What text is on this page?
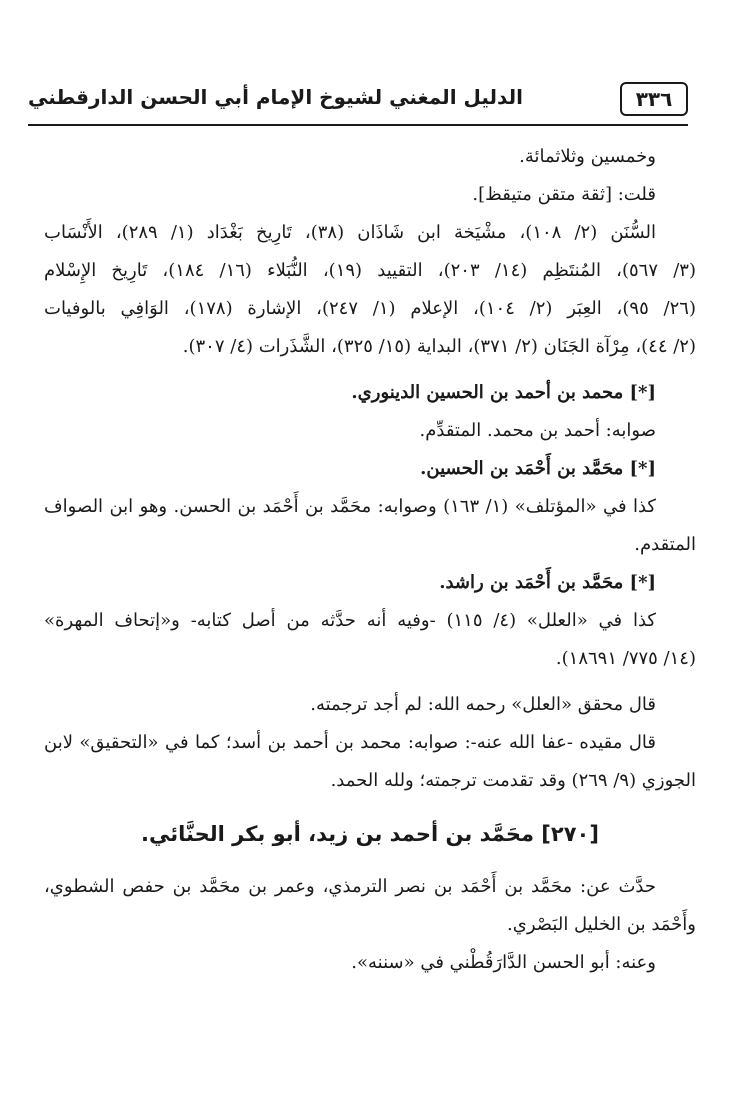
٣٣٦
الدليل المغني لشيوخ الإمام أبي الحسن الدارقطني

وخمسين وثلاثمائة.

قلت: [ثقة متقن متيقظ].

السُّنَن (٢/ ١٠٨)، مشْيَخة ابن شَاذَان (٣٨)، تَارِيخ بَغْدَاد (١/ ٢٨٩)، الأَنْسَاب

(٣/ ٥٦٧)، المُنتَظِم (١٤/ ٢٠٣)، التقييد (١٩)، النُّبَلاء (١٦/ ١٨٤)، تَارِيخ الإِسْلام

(٢٦/ ٩٥)، العِبَر (٢/ ١٠٤)، الإعلام (١/ ٢٤٧)، الإشارة (١٧٨)، الوَافِي بالوفيات

(٢/ ٤٤)، مِرْآة الجَنَان (٢/ ٣٧١)، البداية (١٥/ ٣٢٥)، الشَّذَرات (٤/ ٣٠٧).

[*] محمد بن أحمد بن الحسين الدينوري.

صوابه: أحمد بن محمد. المتقدِّم.

[*] محَمَّد بن أَحْمَد بن الحسين.

كذا في «المؤتلف» (١/ ١٦٣) وصوابه: محَمَّد بن أَحْمَد بن الحسن. وهو ابن الصواف

المتقدم.

[*] محَمَّد بن أَحْمَد بن راشد.

كذا في «العلل» (٤/ ١١٥) -وفيه أنه حدَّثه من أصل كتابه- و«إتحاف المهرة»

(١٤/ ٧٧٥/ ١٨٦٩١).

قال محقق «العلل» رحمه الله: لم أجد ترجمته.

قال مقيده -عفا الله عنه-: صوابه: محمد بن أحمد بن أسد؛ كما في «التحقيق» لابن

الجوزي (٩/ ٢٦٩) وقد تقدمت ترجمته؛ ولله الحمد.

[٢٧٠] محَمَّد بن أحمد بن زيد، أبو بكر الحنَّائي.

حدَّث عن: محَمَّد بن أَحْمَد بن نصر الترمذي، وعمر بن محَمَّد بن حفص الشطوي،

وأَحْمَد بن الخليل البَصْري.

وعنه: أبو الحسن الدَّارَقُطْني في «سننه».
